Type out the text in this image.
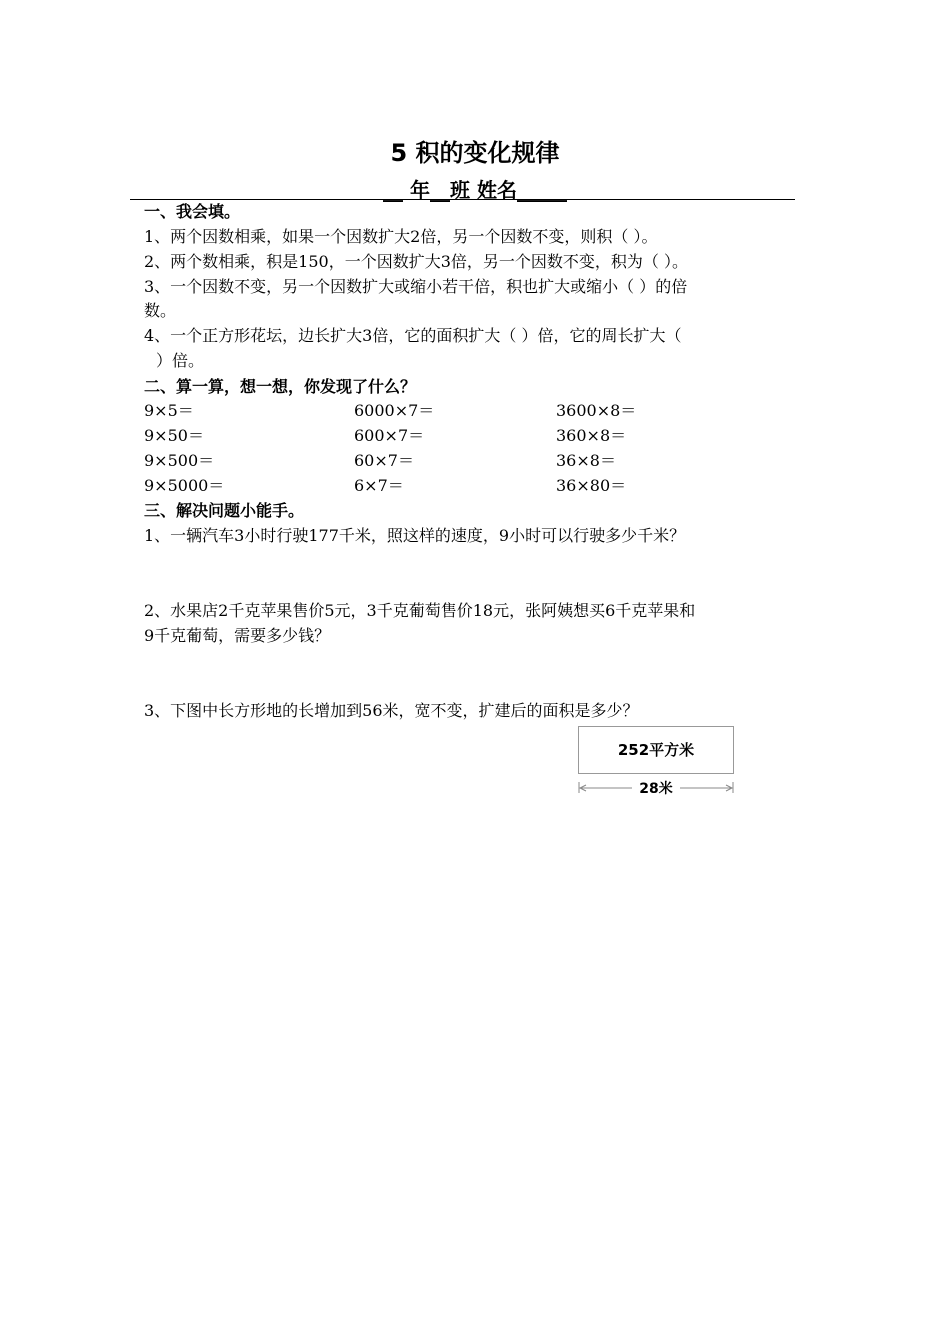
5 积的变化规律
__ 年__班 姓名_____
一、我会填。
1、两个因数相乘，如果一个因数扩大2倍，另一个因数不变，则积（ ）。
2、两个数相乘，积是150，一个因数扩大3倍，另一个因数不变，积为（ ）。
3、一个因数不变，另一个因数扩大或缩小若干倍，积也扩大或缩小（ ）的倍
数。
4、一个正方形花坛，边长扩大3倍，它的面积扩大（ ）倍，它的周长扩大（
）倍。
二、算一算，想一想，你发现了什么？
9×5＝
9×50＝
9×500＝
9×5000＝
6000×7＝
600×7＝
60×7＝
6×7＝
3600×8＝
360×8＝
36×8＝
36×80＝
三、解决问题小能手。
1、一辆汽车3小时行驶177千米，照这样的速度，9小时可以行驶多少千米？
2、水果店2千克苹果售价5元，3千克葡萄售价18元，张阿姨想买6千克苹果和
9千克葡萄，需要多少钱？
3、下图中长方形地的长增加到56米，宽不变，扩建后的面积是多少？
252平方米
28米
